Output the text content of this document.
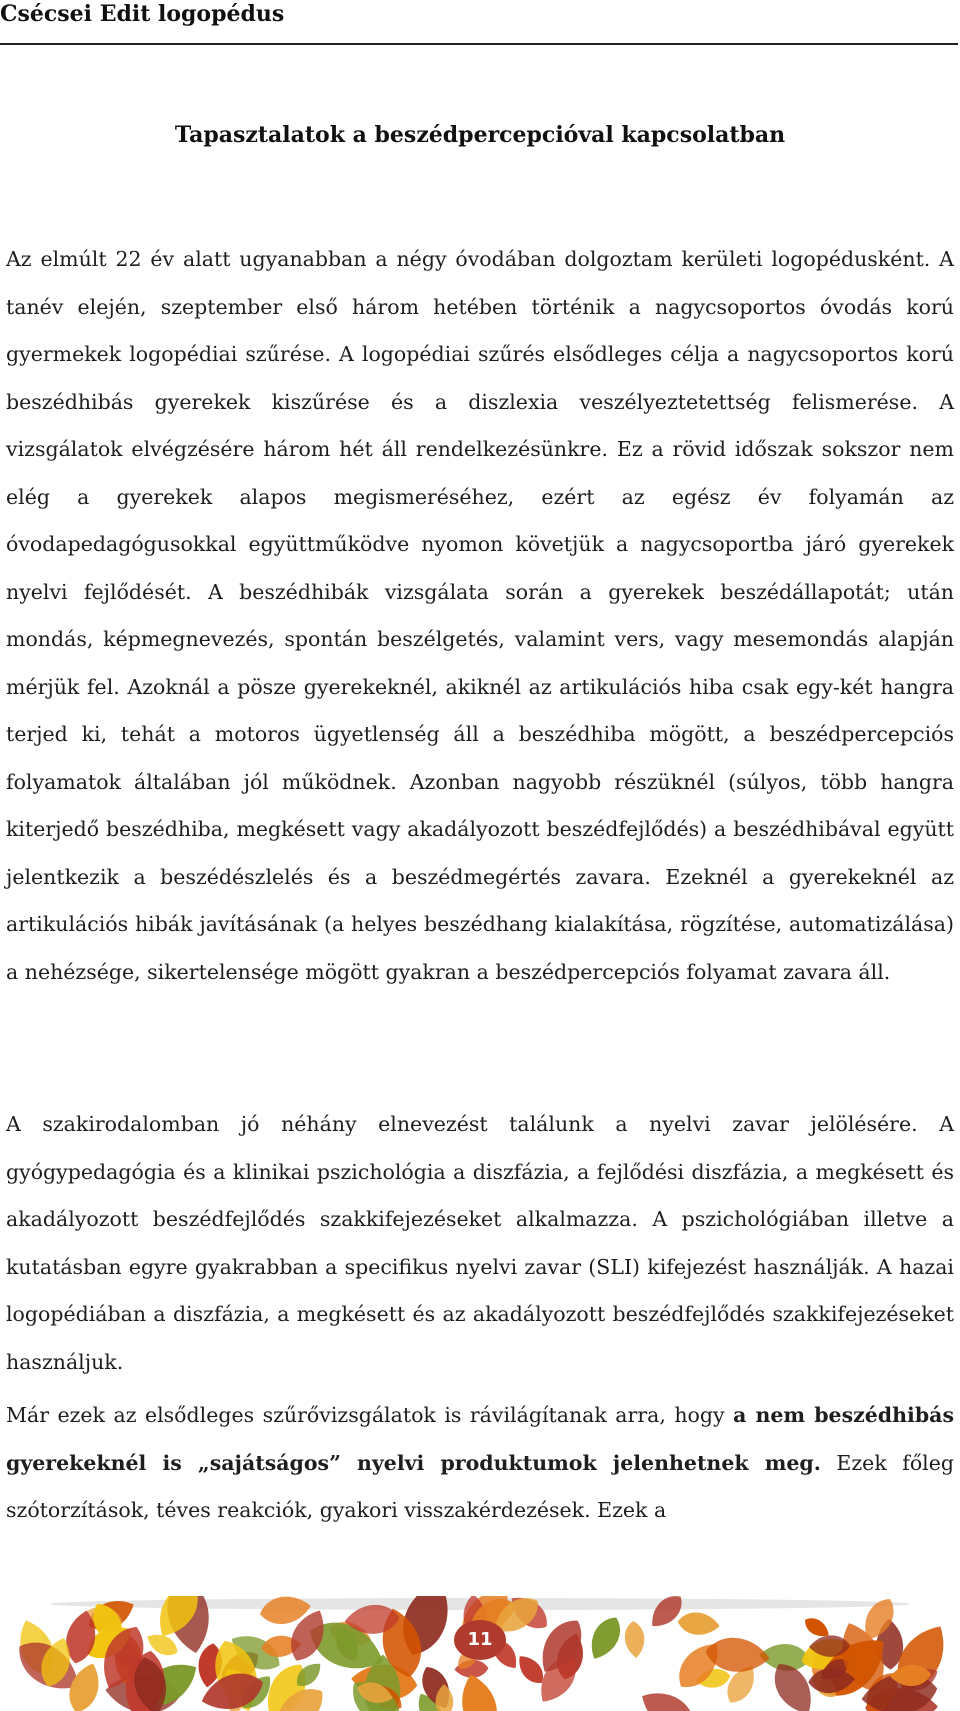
Csécsei Edit logopédus
Tapasztalatok a beszédpercepcióval kapcsolatban

Az elmúlt 22 év alatt ugyanabban a négy óvodában dolgoztam kerületi logopédusként. A tanév elején, szeptember első három hetében történik a nagycsoportos óvodás korú gyermekek logopédiai szűrése. A logopédiai szűrés elsődleges célja a nagycsoportos korú beszédhibás gyerekek kiszűrése és a diszlexia veszélyeztetettség felismerése. A vizsgálatok elvégzésére három hét áll rendelkezésünkre. Ez a rövid időszak sokszor nem elég a gyerekek alapos megismeréséhez, ezért az egész év folyamán az óvodapedagógusokkal együttműködve nyomon követjük a nagycsoportba járó gyerekek nyelvi fejlődését. A beszédhibák vizsgálata során a gyerekek beszédállapotát; után mondás, képmegnevezés, spontán beszélgetés, valamint vers, vagy mesemondás alapján mérjük fel. Azoknál a pösze gyerekeknél, akiknél az artikulációs hiba csak egy-két hangra terjed ki, tehát a motoros ügyetlenség áll a beszédhiba mögött, a beszédpercepciós folyamatok általában jól működnek. Azonban nagyobb részüknél (súlyos, több hangra kiterjedő beszédhiba, megkésett vagy akadályozott beszédfejlődés) a beszédhibával együtt jelentkezik a beszédészlelés és a beszédmegértés zavara. Ezeknél a gyerekeknél az artikulációs hibák javításának (a helyes beszédhang kialakítása, rögzítése, automatizálása) a nehézsége, sikertelensége mögött gyakran a beszédpercepciós folyamat zavara áll.

A szakirodalomban jó néhány elnevezést találunk a nyelvi zavar jelölésére. A gyógypedagógia és a klinikai pszichológia a diszfázia, a fejlődési diszfázia, a megkésett és akadályozott beszédfejlődés szakkifejezéseket alkalmazza. A pszichológiában illetve a kutatásban egyre gyakrabban a specifikus nyelvi zavar (SLI) kifejezést használják. A hazai logopédiában a diszfázia, a megkésett és az akadályozott beszédfejlődés szakkifejezéseket használjuk.

Már ezek az elsődleges szűrővizsgálatok is rávilágítanak arra, hogy a nem beszédhibás gyerekeknél is „sajátságos” nyelvi produktumok jelenhetnek meg. Ezek főleg szótorzítások, téves reakciók, gyakori visszakérdezések. Ezek a

11
